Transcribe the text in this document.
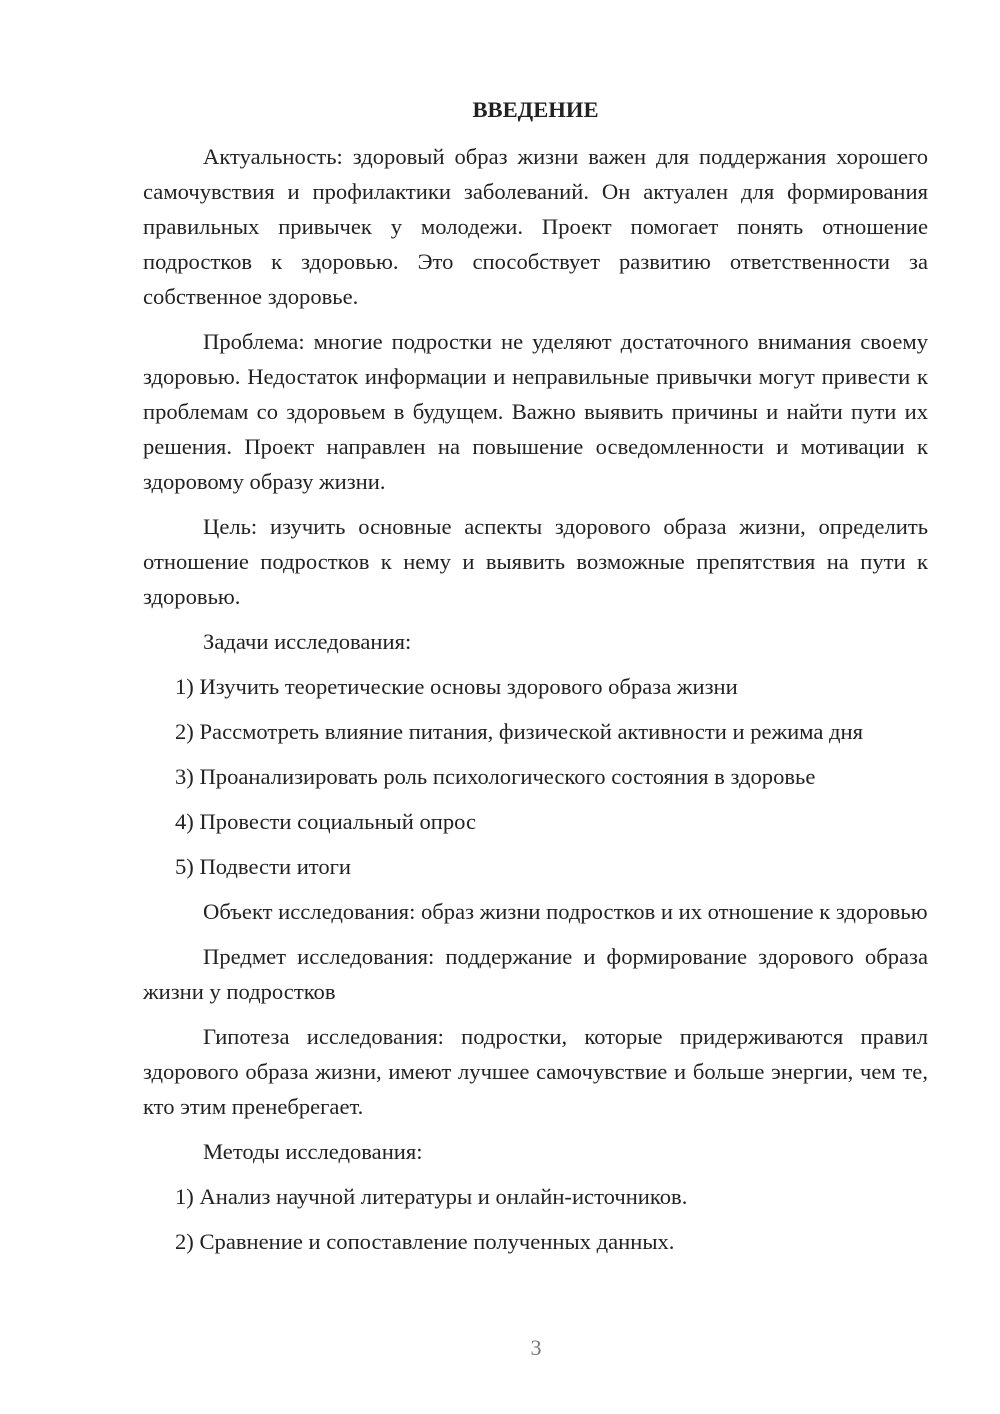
ВВЕДЕНИЕ

Актуальность: здоровый образ жизни важен для поддержания хорошего самочувствия и профилактики заболеваний. Он актуален для формирования правильных привычек у молодежи. Проект помогает понять отношение подростков к здоровью. Это способствует развитию ответственности за собственное здоровье.

Проблема: многие подростки не уделяют достаточного внимания своему здоровью. Недостаток информации и неправильные привычки могут привести к проблемам со здоровьем в будущем. Важно выявить причины и найти пути их решения. Проект направлен на повышение осведомленности и мотивации к здоровому образу жизни.

Цель: изучить основные аспекты здорового образа жизни, определить отношение подростков к нему и выявить возможные препятствия на пути к здоровью.

Задачи исследования:

1) Изучить теоретические основы здорового образа жизни

2) Рассмотреть влияние питания, физической активности и режима дня

3) Проанализировать роль психологического состояния в здоровье

4) Провести социальный опрос

5) Подвести итоги

Объект исследования: образ жизни подростков и их отношение к здоровью

Предмет исследования: поддержание и формирование здорового образа жизни у подростков

Гипотеза исследования: подростки, которые придерживаются правил здорового образа жизни, имеют лучшее самочувствие и больше энергии, чем те, кто этим пренебрегает.

Методы исследования:

1) Анализ научной литературы и онлайн-источников.

2) Сравнение и сопоставление полученных данных.

3
